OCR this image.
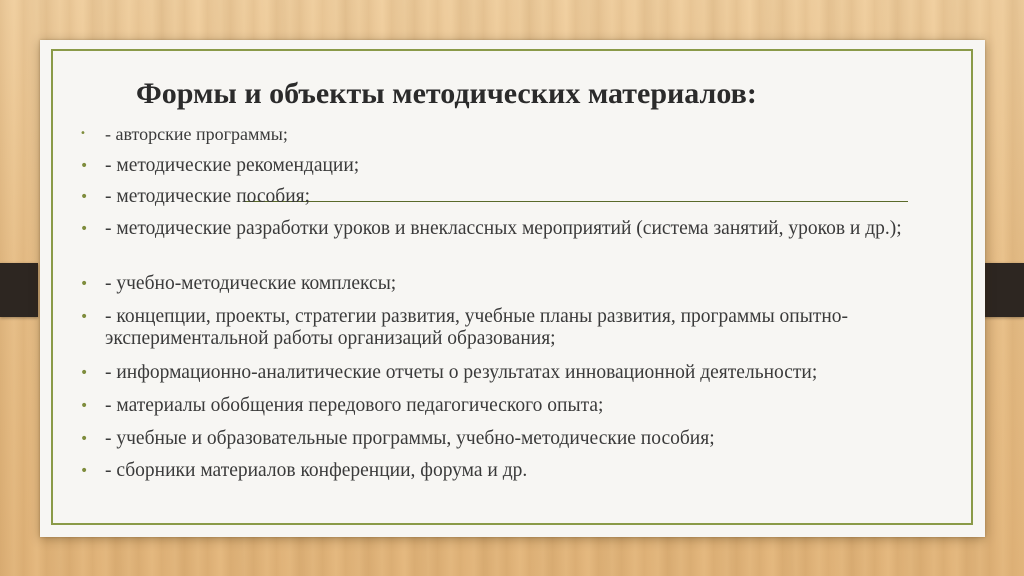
Формы и объекты методических материалов:
•	- авторские программы;
• - методические рекомендации;
• - методические пособия;
• - методические разработки уроков и внеклассных мероприятий (система занятий, уроков и др.);
• - учебно-методические комплексы;
• - концепции, проекты, стратегии развития, учебные планы развития, программы опытно-экспериментальной работы организаций образования;
• - информационно-аналитические отчеты о результатах инновационной деятельности;
• - материалы обобщения передового педагогического опыта;
• - учебные и образовательные программы, учебно-методические пособия;
• - сборники материалов конференции, форума и др.
